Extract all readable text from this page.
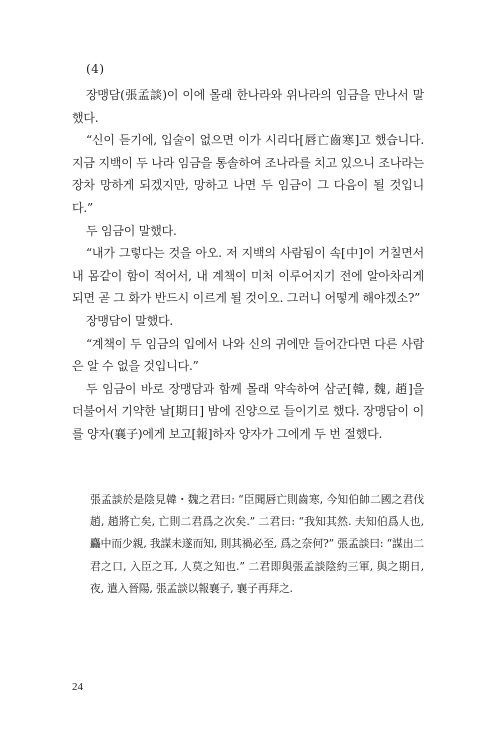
(4)

장맹담(張孟談)이 이에 몰래 한나라와 위나라의 임금을 만나서 말했다.

“신이 듣기에, 입술이 없으면 이가 시리다[唇亡齒寒]고 했습니다. 지금 지백이 두 나라 임금을 통솔하여 조나라를 치고 있으니 조나라는 장차 망하게 되겠지만, 망하고 나면 두 임금이 그 다음이 될 것입니다.”

두 임금이 말했다.

“내가 그렇다는 것을 아오. 저 지백의 사람됨이 속[中]이 거칠면서 내 몸같이 함이 적어서, 내 계책이 미처 이루어지기 전에 알아차리게 되면 곧 그 화가 반드시 이르게 될 것이오. 그러니 어떻게 해야겠소?”

장맹담이 말했다.

“계책이 두 임금의 입에서 나와 신의 귀에만 들어간다면 다른 사람은 알 수 없을 것입니다.”

두 임금이 바로 장맹담과 함께 몰래 약속하여 삼군[韓, 魏, 趙]을 더불어서 기약한 날[期日] 밤에 진양으로 들이기로 했다. 장맹담이 이를 양자(襄子)에게 보고[報]하자 양자가 그에게 두 번 절했다.

張孟談於是陰見韓・魏之君曰: “臣聞唇亡則齒寒, 今知伯帥二國之君伐趙, 趙將亡矣, 亡則二君爲之次矣.” 二君曰: “我知其然. 夫知伯爲人也, 麤中而少親, 我謀未遂而知, 則其禍必至, 爲之奈何?” 張孟談曰: “謀出二君之口, 入臣之耳, 人莫之知也.” 二君即與張孟談陰約三軍, 與之期日, 夜, 遣入晉陽, 張孟談以報襄子, 襄子再拜之.

24
